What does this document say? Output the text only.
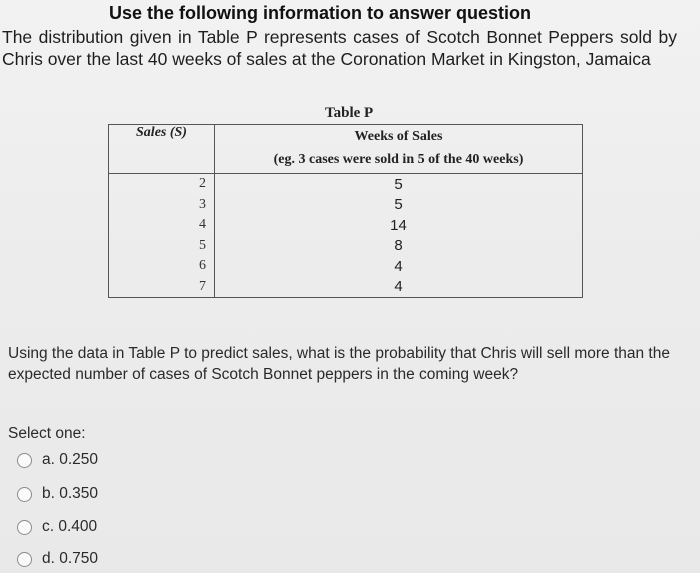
Use the following information to answer question
The distribution given in Table P represents cases of Scotch Bonnet Peppers sold by Chris over the last 40 weeks of sales at the Coronation Market in Kingston, Jamaica
Table P
Sales (S)	Weeks of Sales
(eg. 3 cases were sold in 5 of the 40 weeks)

2	5
3	5
4	14
5	8
6	4
7	4
Using the data in Table P to predict sales, what is the probability that Chris will sell more than the expected number of cases of Scotch Bonnet peppers in the coming week?
Select one:
a. 0.250
b. 0.350
c. 0.400
d. 0.750
